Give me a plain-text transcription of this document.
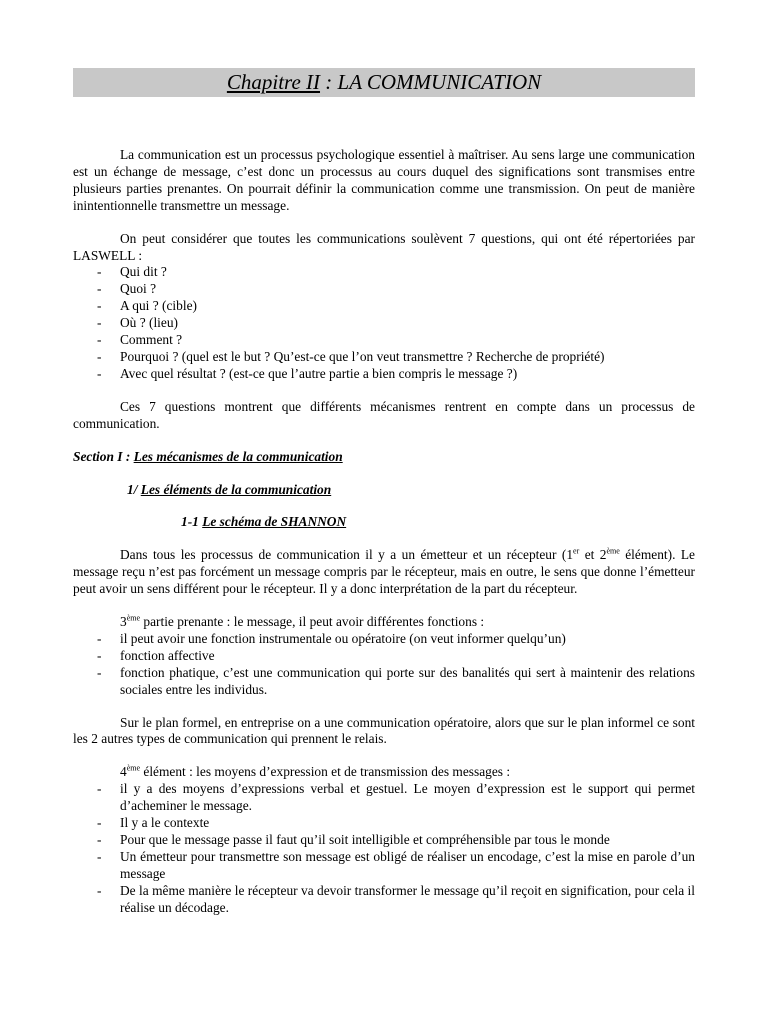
Chapitre II : LA COMMUNICATION

La communication est un processus psychologique essentiel à maîtriser. Au sens large une communication est un échange de message, c’est donc un processus au cours duquel des significations sont transmises entre plusieurs parties prenantes. On pourrait définir la communication comme une transmission. On peut de manière inintentionnelle transmettre un message.

On peut considérer que toutes les communications soulèvent 7 questions, qui ont été répertoriées par LASWELL :

- Qui dit ?
- Quoi ?
- A qui ? (cible)
- Où ? (lieu)
- Comment ?
- Pourquoi ? (quel est le but ? Qu’est-ce que l’on veut transmettre ? Recherche de propriété)
- Avec quel résultat ? (est-ce que l’autre partie a bien compris le message ?)

Ces 7 questions montrent que différents mécanismes rentrent en compte dans un processus de communication.

Section I : Les mécanismes de la communication
1/ Les éléments de la communication
1-1 Le schéma de SHANNON

Dans tous les processus de communication il y a un émetteur et un récepteur (1er et 2ème élément). Le message reçu n’est pas forcément un message compris par le récepteur, mais en outre, le sens que donne l’émetteur peut avoir un sens différent pour le récepteur. Il y a donc interprétation de la part du récepteur.

3ème partie prenante : le message, il peut avoir différentes fonctions :

- il peut avoir une fonction instrumentale ou opératoire (on veut informer quelqu’un)
- fonction affective
- fonction phatique, c’est une communication qui porte sur des banalités qui sert à maintenir des relations sociales entre les individus.

Sur le plan formel, en entreprise on a une communication opératoire, alors que sur le plan informel ce sont les 2 autres types de communication qui prennent le relais.

4ème élément : les moyens d’expression et de transmission des messages :

- il y a des moyens d’expressions verbal et gestuel. Le moyen d’expression est le support qui permet d’acheminer le message.
- Il y a le contexte
- Pour que le message passe il faut qu’il soit intelligible et compréhensible par tous le monde
- Un émetteur pour transmettre son message est obligé de réaliser un encodage, c’est la mise en parole d’un message
- De la même manière le récepteur va devoir transformer le message qu’il reçoit en signification, pour cela il réalise un décodage.
